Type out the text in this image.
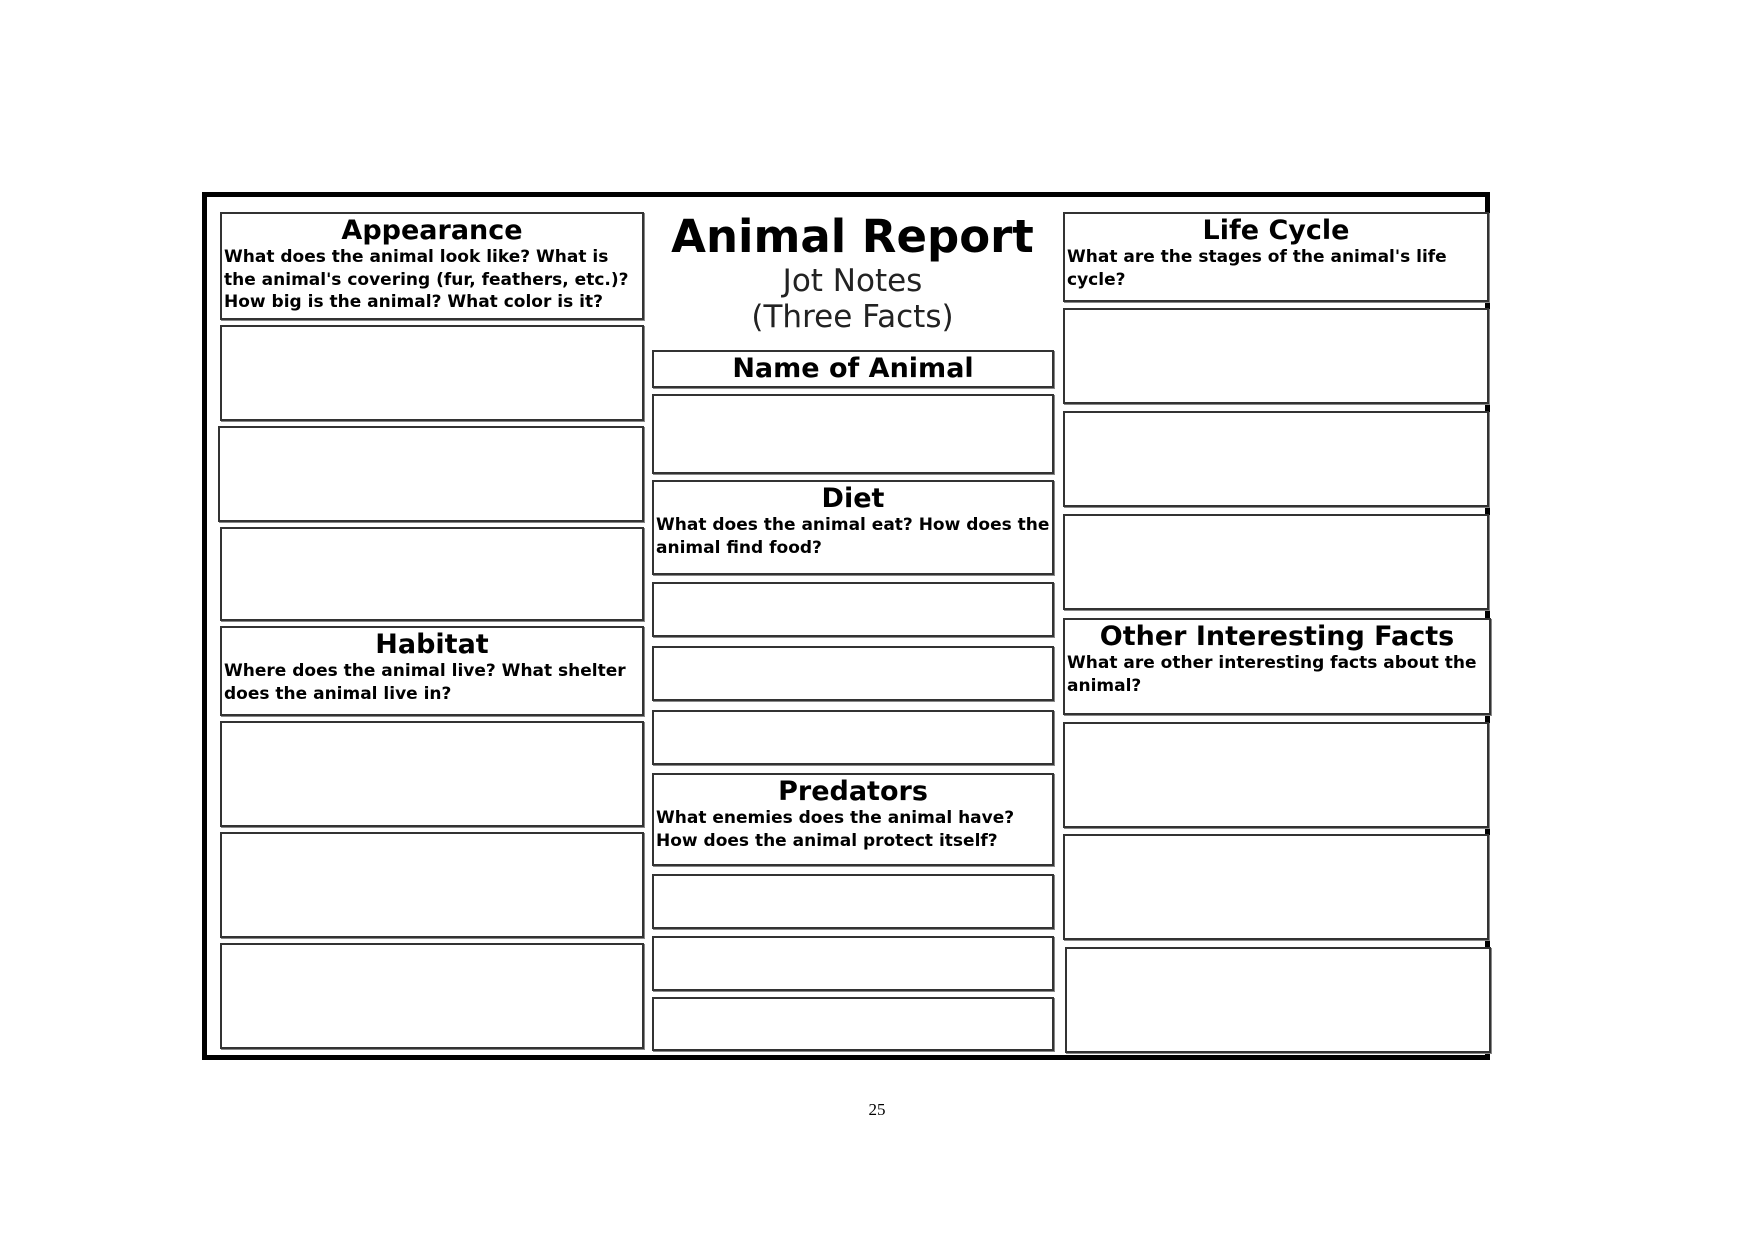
Appearance
What does the animal look like? What is the animal's covering (fur, feathers, etc.)? How big is the animal? What color is it?
Habitat
Where does the animal live? What shelter does the animal live in?
Animal Report
Jot Notes
(Three Facts)
Name of Animal
Diet
What does the animal eat? How does the animal find food?
Predators
What enemies does the animal have? How does the animal protect itself?
Life Cycle
What are the stages of the animal's life cycle?
Other Interesting Facts
What are other interesting facts about the animal?
25
